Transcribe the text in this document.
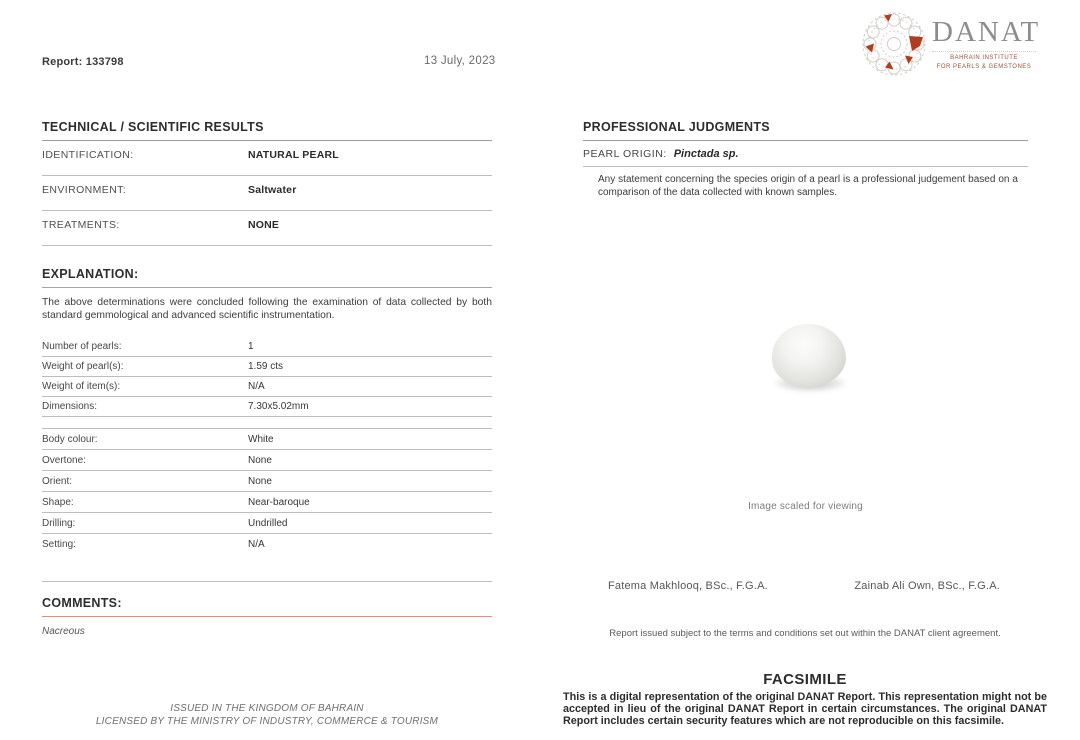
Report: 133798	13 July, 2023
DANAT
BAHRAIN INSTITUTE
FOR PEARLS & GEMSTONES
TECHNICAL / SCIENTIFIC RESULTS
IDENTIFICATION:	NATURAL PEARL
ENVIRONMENT:	Saltwater
TREATMENTS:	NONE
EXPLANATION:
The above determinations were concluded following the examination of data collected by both standard gemmological and advanced scientific instrumentation.
Number of pearls:	1
Weight of pearl(s):	1.59 cts
Weight of item(s):	N/A
Dimensions:	7.30x5.02mm
Body colour:	White
Overtone:	None
Orient:	None
Shape:	Near-baroque
Drilling:	Undrilled
Setting:	N/A
COMMENTS:
Nacreous
PROFESSIONAL JUDGMENTS
PEARL ORIGIN: Pinctada sp.
Any statement concerning the species origin of a pearl is a professional judgement based on a comparison of the data collected with known samples.
Image scaled for viewing
Fatema Makhlooq, BSc., F.G.A.	Zainab Ali Own, BSc., F.G.A.
Report issued subject to the terms and conditions set out within the DANAT client agreement.
FACSIMILE
This is a digital representation of the original DANAT Report. This representation might not be accepted in lieu of the original DANAT Report in certain circumstances. The original DANAT Report includes certain security features which are not reproducible on this facsimile.
ISSUED IN THE KINGDOM OF BAHRAIN
LICENSED BY THE MINISTRY OF INDUSTRY, COMMERCE & TOURISM
